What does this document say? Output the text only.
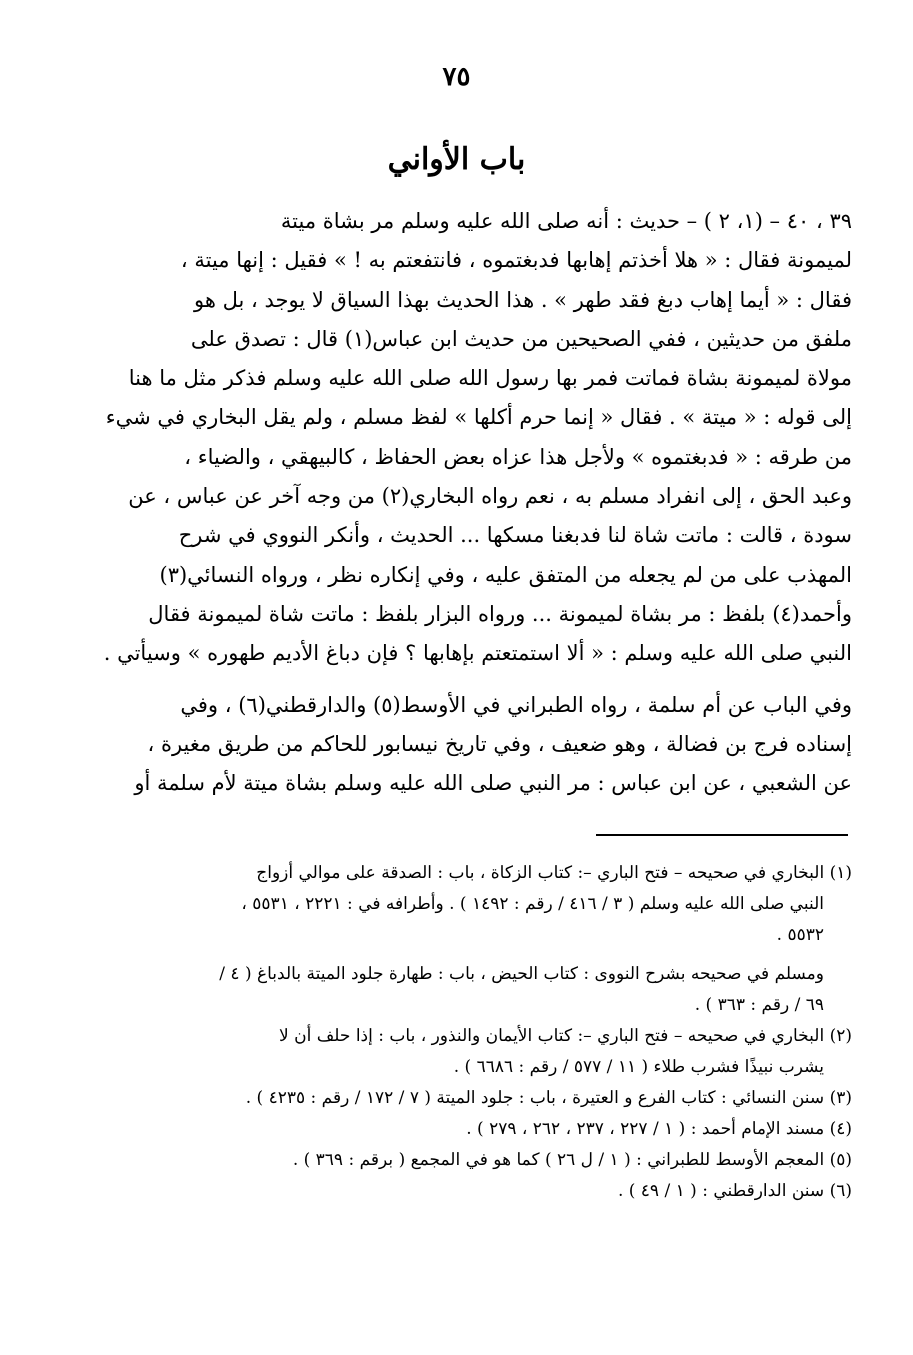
٧٥
باب الأواني
٣٩ ، ٤٠ – (١، ٢ ) – حديث : أنه صلى الله عليه وسلم مر بشاة ميتة
لميمونة فقال : « هلا أخذتم إهابها فدبغتموه ، فانتفعتم به ! » فقيل : إنها ميتة ،
فقال : « أيما إهاب دبغ فقد طهر » . هذا الحديث بهذا السياق لا يوجد ، بل هو
ملفق من حديثين ، ففي الصحيحين من حديث ابن عباس(١) قال : تصدق على
مولاة لميمونة بشاة فماتت فمر بها رسول الله صلى الله عليه وسلم فذكر مثل ما هنا
إلى قوله : « ميتة » . فقال « إنما حرم أكلها » لفظ مسلم ، ولم يقل البخاري في شيء
من طرقه : « فدبغتموه » ولأجل هذا عزاه بعض الحفاظ ، كالبيهقي ، والضياء ،
وعبد الحق ، إلى انفراد مسلم به ، نعم رواه البخاري(٢) من وجه آخر عن عباس ، عن
سودة ، قالت : ماتت شاة لنا فدبغنا مسكها ... الحديث ، وأنكر النووي في شرح
المهذب على من لم يجعله من المتفق عليه ، وفي إنكاره نظر ، ورواه النسائي(٣)
وأحمد(٤) بلفظ : مر بشاة لميمونة ... ورواه البزار بلفظ : ماتت شاة لميمونة فقال
النبي صلى الله عليه وسلم : « ألا استمتعتم بإهابها ؟ فإن دباغ الأديم طهوره » وسيأتي .
وفي الباب عن أم سلمة ، رواه الطبراني في الأوسط(٥) والدارقطني(٦) ، وفي
إسناده فرج بن فضالة ، وهو ضعيف ، وفي تاريخ نيسابور للحاكم من طريق مغيرة ،
عن الشعبي ، عن ابن عباس : مر النبي صلى الله عليه وسلم بشاة ميتة لأم سلمة أو
(١) البخاري في صحيحه – فتح الباري –: كتاب الزكاة ، باب : الصدقة على موالي أزواج
النبي صلى الله عليه وسلم ( ٣ / ٤١٦ / رقم : ١٤٩٢ ) . وأطرافه في : ٢٢٢١ ، ٥٥٣١ ،
٥٥٣٢ .
ومسلم في صحيحه بشرح النووى : كتاب الحيض ، باب : طهارة جلود الميتة بالدباغ ( ٤ /
٦٩ / رقم : ٣٦٣ ) .
(٢) البخاري في صحيحه – فتح الباري –: كتاب الأيمان والنذور ، باب : إذا حلف أن لا
يشرب نبيذًا فشرب طلاء ( ١١ / ٥٧٧ / رقم : ٦٦٨٦ ) .
(٣) سنن النسائي : كتاب الفرع و العتيرة ، باب : جلود الميتة ( ٧ / ١٧٢ / رقم : ٤٢٣٥ ) .
(٤) مسند الإمام أحمد : ( ١ / ٢٢٧ ، ٢٣٧ ، ٢٦٢ ، ٢٧٩ ) .
(٥) المعجم الأوسط للطبراني : ( ١ / ل ٢٦ ) كما هو في المجمع ( برقم : ٣٦٩ ) .
(٦) سنن الدارقطني : ( ١ / ٤٩ ) .
